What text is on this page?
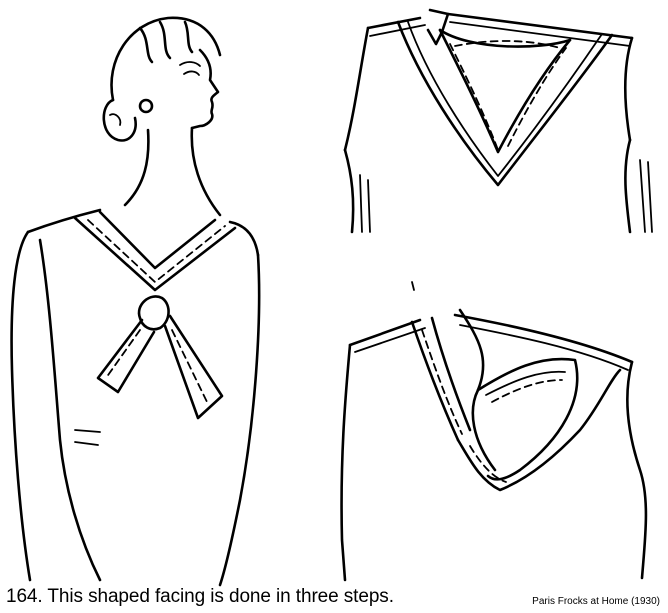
164. This shaped facing is done in three steps.	Paris Frocks at Home (1930)
